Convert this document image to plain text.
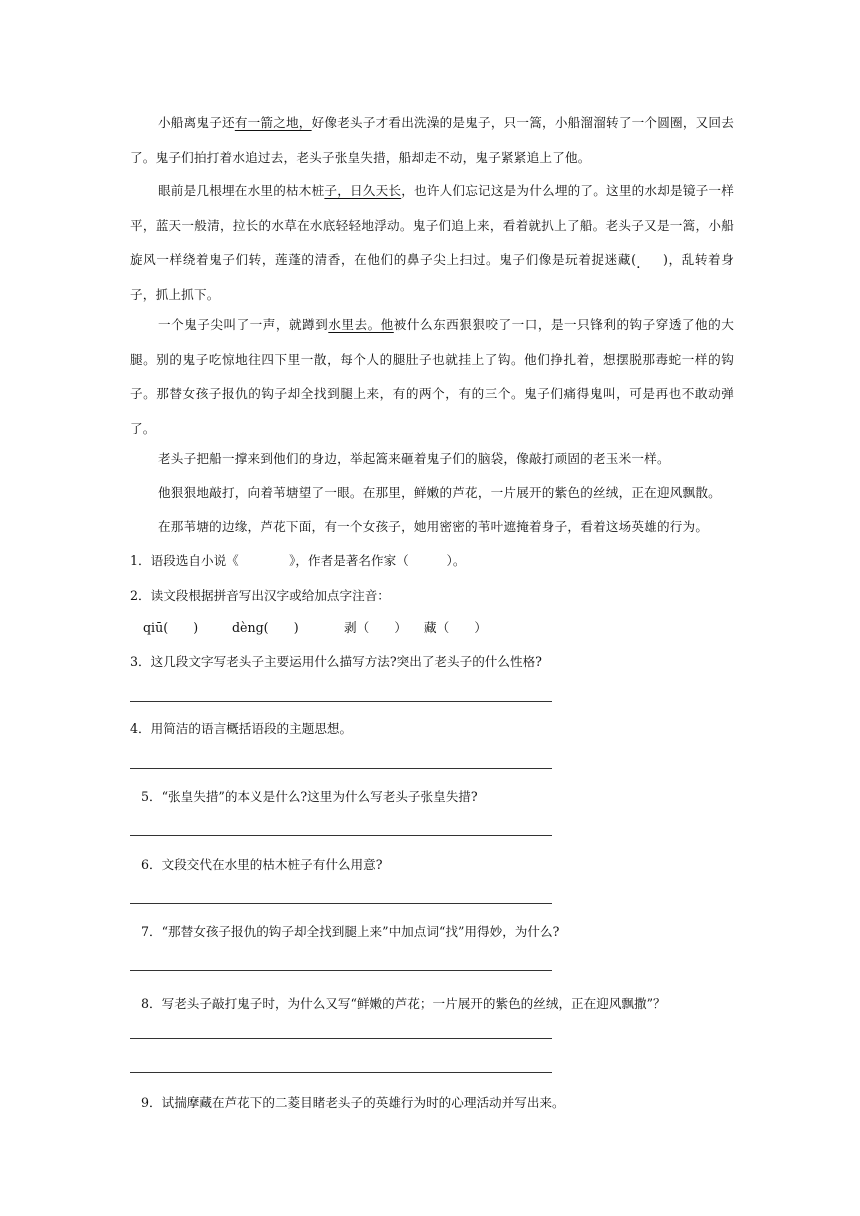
小船离鬼子还有一箭之地，好像老头子才看出洗澡的是鬼子，只一篙，小船溜溜转了一个圆圈，又回去了。鬼子们拍打着水追过去，老头子张皇失措，船却走不动，鬼子紧紧追上了他。

眼前是几根埋在水里的枯木桩子，日久天长，也许人们忘记这是为什么埋的了。这里的水却是镜子一样平，蓝天一般清，拉长的水草在水底轻轻地浮动。鬼子们追上来，看着就扒上了船。老头子又是一篙，小船旋风一样绕着鬼子们转，莲蓬的清香，在他们的鼻子尖上扫过。鬼子们像是玩着捉迷藏(　　)，乱转着身子，抓上抓下。

一个鬼子尖叫了一声，就蹲到水里去。他被什么东西狠狠咬了一口，是一只锋利的钩子穿透了他的大腿。别的鬼子吃惊地往四下里一散，每个人的腿肚子也就挂上了钩。他们挣扎着，想摆脱那毒蛇一样的钩子。那替女孩子报仇的钩子却全找到腿上来，有的两个，有的三个。鬼子们痛得鬼叫，可是再也不敢动弹了。

老头子把船一撑来到他们的身边，举起篙来砸着鬼子们的脑袋，像敲打顽固的老玉米一样。

他狠狠地敲打，向着苇塘望了一眼。在那里，鲜嫩的芦花，一片展开的紫色的丝绒，正在迎风飘散。

在那苇塘的边缘，芦花下面，有一个女孩子，她用密密的苇叶遮掩着身子，看着这场英雄的行为。

1．语段选自小说《　　　　》，作者是著名作家（　　　）。

2．读文段根据拼音写出汉字或给加点字注音：

qiū(　　)	dèng(　　)	剥（　　） 藏（　　）

3．这几段文字写老头子主要运用什么描写方法?突出了老头子的什么性格?

4．用简洁的语言概括语段的主题思想。

5．“张皇失措”的本义是什么?这里为什么写老头子张皇失措?

6．文段交代在水里的枯木桩子有什么用意?

7．“那替女孩子报仇的钩子却全找到腿上来”中加点词“找”用得妙，为什么?

8．写老头子敲打鬼子时，为什么又写“鲜嫩的芦花；一片展开的紫色的丝绒，正在迎风飘撒”？

9．试揣摩藏在芦花下的二菱目睹老头子的英雄行为时的心理活动并写出来。
